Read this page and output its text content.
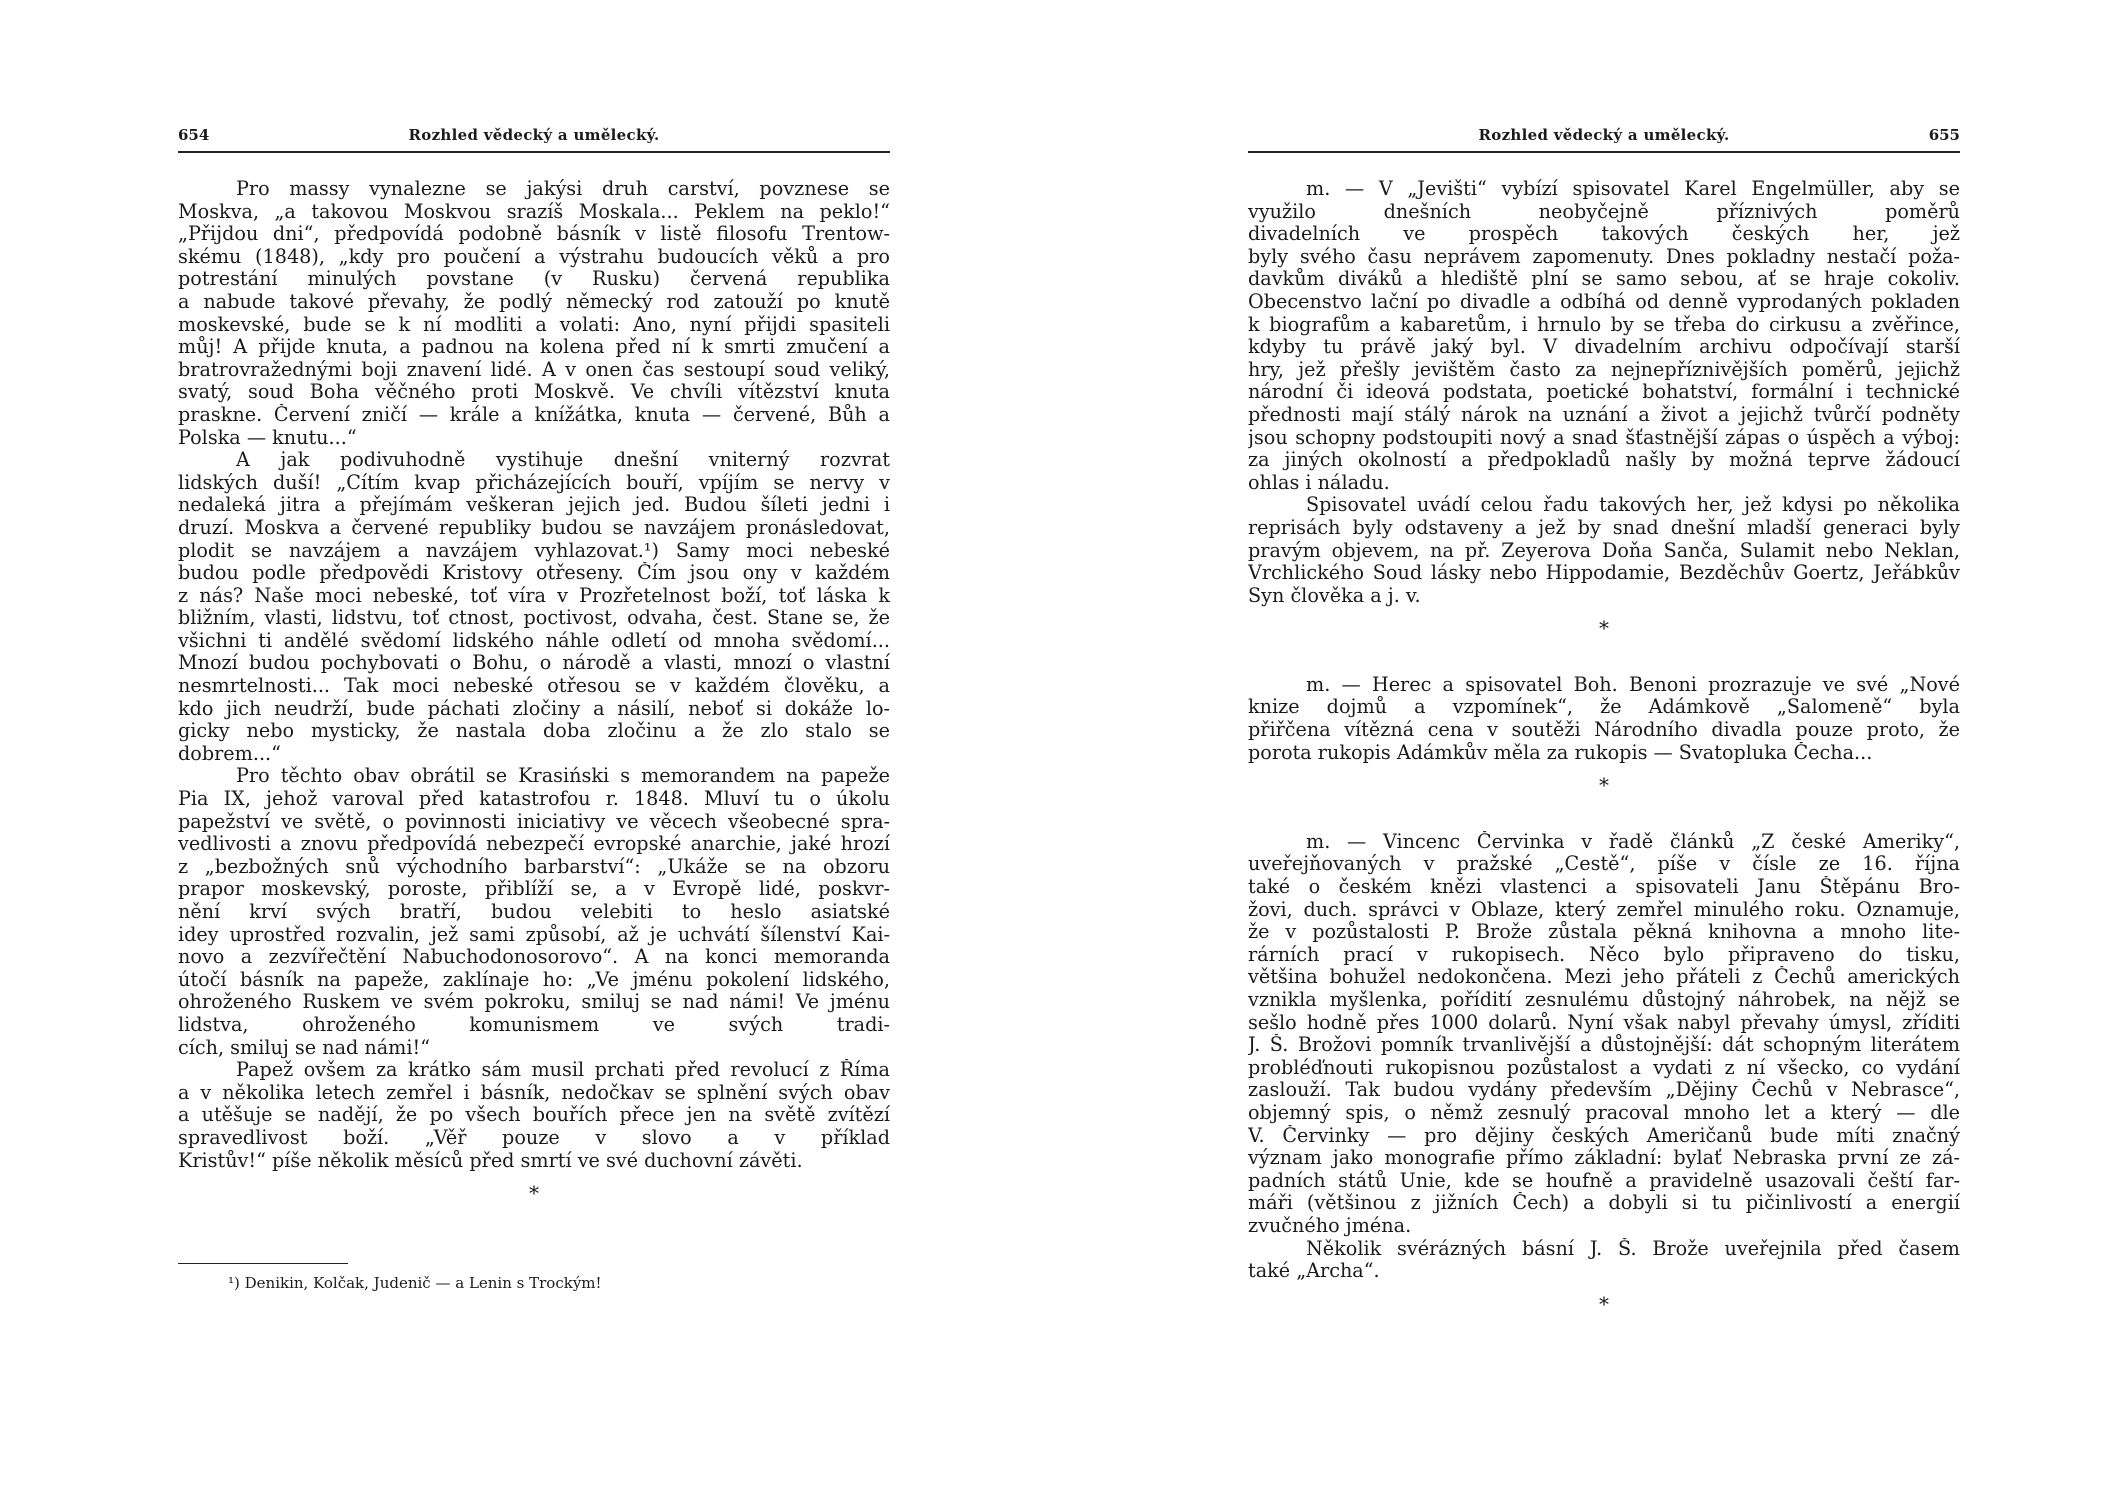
654	Rozhled vědecký a umělecký.
Pro massy vynalezne se jakýsi druh carství, povznese se
Moskva, „a takovou Moskvou srazíš Moskala... Peklem na peklo!“
„Přijdou dni“, předpovídá podobně básník v listě filosofu Trentow-
skému (1848), „kdy pro poučení a výstrahu budoucích věků a pro
potrestání minulých povstane (v Rusku) červená republika
a nabude takové převahy, že podlý německý rod zatouží po knutě
moskevské, bude se k ní modliti a volati: Ano, nyní přijdi spasiteli
můj! A přijde knuta, a padnou na kolena před ní k smrti zmučení a
bratrovražednými boji znavení lidé. A v onen čas sestoupí soud veliký,
svatý, soud Boha věčného proti Moskvě. Ve chvíli vítězství knuta
praskne. Červení zničí — krále a knížátka, knuta — červené, Bůh a
Polska — knutu...“
A jak podivuhodně vystihuje dnešní vniterný rozvrat
lidských duší! „Cítím kvap přicházejících bouří, vpíjím se nervy v
nedaleká jitra a přejímám veškeran jejich jed. Budou šíleti jedni i
druzí. Moskva a červené republiky budou se navzájem pronásledovat,
plodit se navzájem a navzájem vyhlazovat.¹) Samy moci nebeské
budou podle předpovědi Kristovy otřeseny. Čím jsou ony v každém
z nás? Naše moci nebeské, toť víra v Prozřetelnost boží, toť láska k
bližním, vlasti, lidstvu, toť ctnost, poctivost, odvaha, čest. Stane se, že
všichni ti andělé svědomí lidského náhle odletí od mnoha svědomí...
Mnozí budou pochybovati o Bohu, o národě a vlasti, mnozí o vlastní
nesmrtelnosti... Tak moci nebeské otřesou se v každém člověku, a
kdo jich neudrží, bude páchati zločiny a násilí, neboť si dokáže lo-
gicky nebo mysticky, že nastala doba zločinu a že zlo stalo se
dobrem...“
Pro těchto obav obrátil se Krasiński s memorandem na papeže
Pia IX, jehož varoval před katastrofou r. 1848. Mluví tu o úkolu
papežství ve světě, o povinnosti iniciativy ve věcech všeobecné spra-
vedlivosti a znovu předpovídá nebezpečí evropské anarchie, jaké hrozí
z „bezbožných snů východního barbarství“: „Ukáže se na obzoru
prapor moskevský, poroste, přiblíží se, a v Evropě lidé, poskvr-
nění krví svých bratří, budou velebiti to heslo asiatské
idey uprostřed rozvalin, jež sami způsobí, až je uchvátí šílenství Kai-
novo a zezvířečtění Nabuchodonosorovo“. A na konci memoranda
útočí básník na papeže, zaklínaje ho: „Ve jménu pokolení lidského,
ohroženého Ruskem ve svém pokroku, smiluj se nad námi! Ve jménu
lidstva, ohroženého komunismem ve svých tradi-
cích, smiluj se nad námi!“
Papež ovšem za krátko sám musil prchati před revolucí z Říma
a v několika letech zemřel i básník, nedočkav se splnění svých obav
a utěšuje se nadějí, že po všech bouřích přece jen na světě zvítězí
spravedlivost boží. „Věř pouze v slovo a v příklad
Kristův!“ píše několik měsíců před smrtí ve své duchovní závěti.
*
¹) Denikin, Kolčak, Judenič — a Lenin s Trockým!
Rozhled vědecký a umělecký.	655
m. — V „Jevišti“ vybízí spisovatel Karel Engelmüller, aby se
využilo dnešních neobyčejně příznivých poměrů
divadelních ve prospěch takových českých her, jež
byly svého času neprávem zapomenuty. Dnes pokladny nestačí poža-
davkům diváků a hlediště plní se samo sebou, ať se hraje cokoliv.
Obecenstvo lační po divadle a odbíhá od denně vyprodaných pokladen
k biografům a kabaretům, i hrnulo by se třeba do cirkusu a zvěřince,
kdyby tu právě jaký byl. V divadelním archivu odpočívají starší
hry, jež přešly jevištěm často za nejnepříznivějších poměrů, jejichž
národní či ideová podstata, poetické bohatství, formální i technické
přednosti mají stálý nárok na uznání a život a jejichž tvůrčí podněty
jsou schopny podstoupiti nový a snad šťastnější zápas o úspěch a výboj:
za jiných okolností a předpokladů našly by možná teprve žádoucí
ohlas i náladu.
Spisovatel uvádí celou řadu takových her, jež kdysi po několika
reprisách byly odstaveny a jež by snad dnešní mladší generaci byly
pravým objevem, na př. Zeyerova Doňa Sanča, Sulamit nebo Neklan,
Vrchlického Soud lásky nebo Hippodamie, Bezděchův Goertz, Jeřábkův
Syn člověka a j. v.
*
m. — Herec a spisovatel Boh. Benoni prozrazuje ve své „Nové
knize dojmů a vzpomínek“, že Adámkově „Salomeně“ byla
přiřčena vítězná cena v soutěži Národního divadla pouze proto, že
porota rukopis Adámkův měla za rukopis — Svatopluka Čecha...
*
m. — Vincenc Červinka v řadě článků „Z české Ameriky“,
uveřejňovaných v pražské „Cestě“, píše v čísle ze 16. října
také o českém knězi vlastenci a spisovateli Janu Štěpánu Bro-
žovi, duch. správci v Oblaze, který zemřel minulého roku. Oznamuje,
že v pozůstalosti P. Brože zůstala pěkná knihovna a mnoho lite-
rárních prací v rukopisech. Něco bylo připraveno do tisku,
většina bohužel nedokončena. Mezi jeho přáteli z Čechů amerických
vznikla myšlenka, pořídití zesnulému důstojný náhrobek, na nějž se
sešlo hodně přes 1000 dolarů. Nyní však nabyl převahy úmysl, zříditi
J. Š. Brožovi pomník trvanlivější a důstojnější: dát schopným literátem
probléďnouti rukopisnou pozůstalost a vydati z ní všecko, co vydání
zaslouží. Tak budou vydány především „Dějiny Čechů v Nebrasce“,
objemný spis, o němž zesnulý pracoval mnoho let a který — dle
V. Červinky — pro dějiny českých Američanů bude míti značný
význam jako monografie přímo základní: bylať Nebraska první ze zá-
padních států Unie, kde se houfně a pravidelně usazovali čeští far-
máři (většinou z jižních Čech) a dobyli si tu pičinlivostí a energií
zvučného jména.
Několik svérázných básní J. Š. Brože uveřejnila před časem
také „Archa“.
*
